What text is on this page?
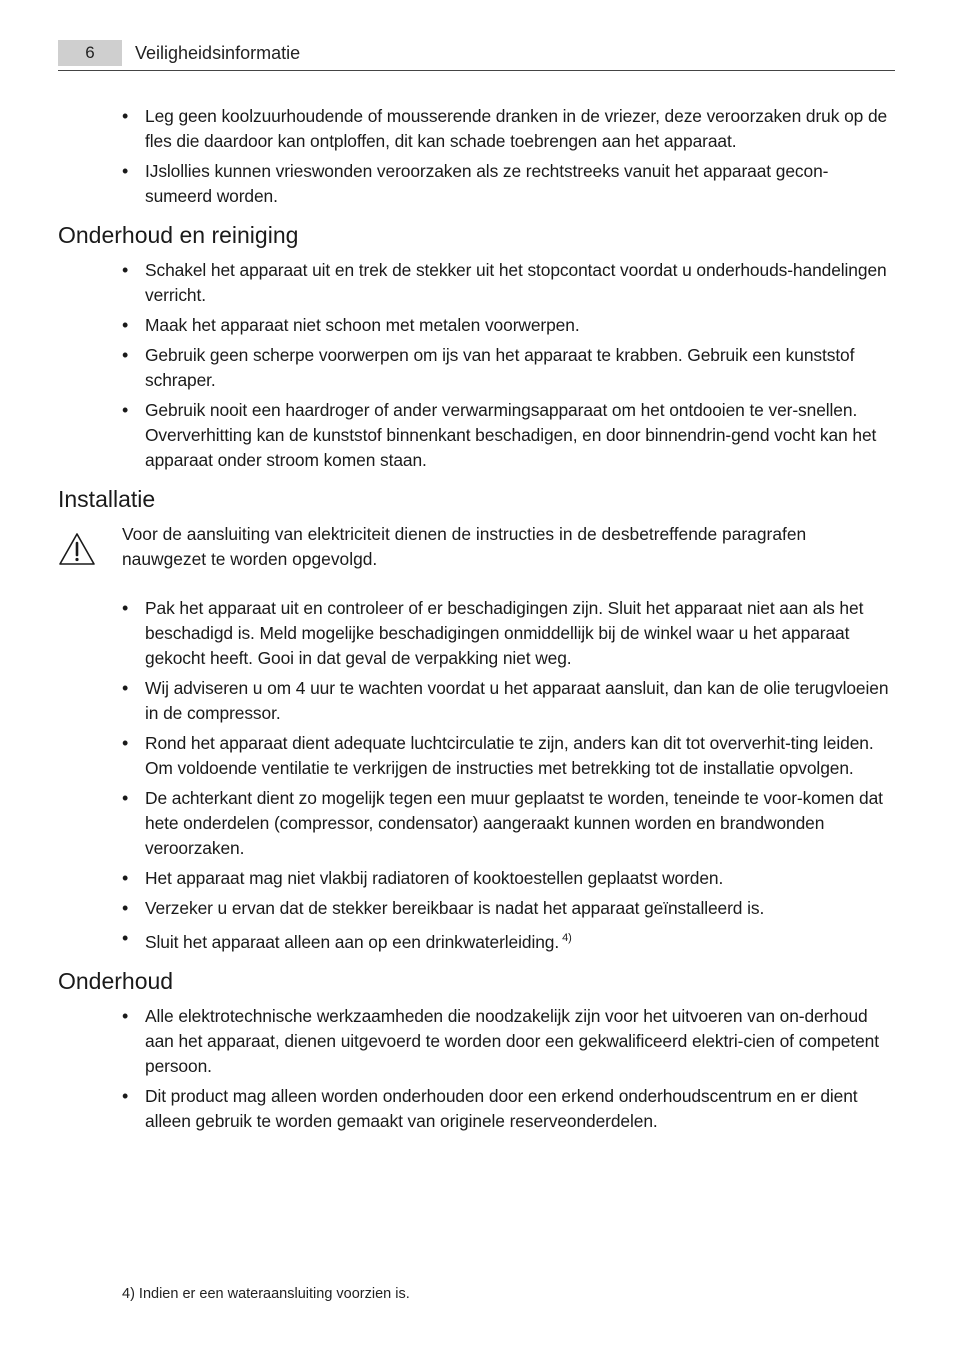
6	Veiligheidsinformatie
• Leg geen koolzuurhoudende of mousserende dranken in de vriezer, deze veroorzaken druk op de fles die daardoor kan ontploffen, dit kan schade toebrengen aan het apparaat.
• IJslollies kunnen vrieswonden veroorzaken als ze rechtstreeks vanuit het apparaat gecon-sumeerd worden.
Onderhoud en reiniging
• Schakel het apparaat uit en trek de stekker uit het stopcontact voordat u onderhouds-handelingen verricht.
• Maak het apparaat niet schoon met metalen voorwerpen.
• Gebruik geen scherpe voorwerpen om ijs van het apparaat te krabben. Gebruik een kunststof schraper.
• Gebruik nooit een haardroger of ander verwarmingsapparaat om het ontdooien te ver-snellen. Oververhitting kan de kunststof binnenkant beschadigen, en door binnendrin-gend vocht kan het apparaat onder stroom komen staan.
Installatie
Voor de aansluiting van elektriciteit dienen de instructies in de desbetreffende paragrafen nauwgezet te worden opgevolgd.
• Pak het apparaat uit en controleer of er beschadigingen zijn. Sluit het apparaat niet aan als het beschadigd is. Meld mogelijke beschadigingen onmiddellijk bij de winkel waar u het apparaat gekocht heeft. Gooi in dat geval de verpakking niet weg.
• Wij adviseren u om 4 uur te wachten voordat u het apparaat aansluit, dan kan de olie terugvloeien in de compressor.
• Rond het apparaat dient adequate luchtcirculatie te zijn, anders kan dit tot oververhit-ting leiden. Om voldoende ventilatie te verkrijgen de instructies met betrekking tot de installatie opvolgen.
• De achterkant dient zo mogelijk tegen een muur geplaatst te worden, teneinde te voor-komen dat hete onderdelen (compressor, condensator) aangeraakt kunnen worden en brandwonden veroorzaken.
• Het apparaat mag niet vlakbij radiatoren of kooktoestellen geplaatst worden.
• Verzeker u ervan dat de stekker bereikbaar is nadat het apparaat geïnstalleerd is.
• Sluit het apparaat alleen aan op een drinkwaterleiding. $^{4)}$
Onderhoud
• Alle elektrotechnische werkzaamheden die noodzakelijk zijn voor het uitvoeren van on-derhoud aan het apparaat, dienen uitgevoerd te worden door een gekwalificeerd elektri-cien of competent persoon.
• Dit product mag alleen worden onderhouden door een erkend onderhoudscentrum en er dient alleen gebruik te worden gemaakt van originele reserveonderdelen.
4) Indien er een wateraansluiting voorzien is.
